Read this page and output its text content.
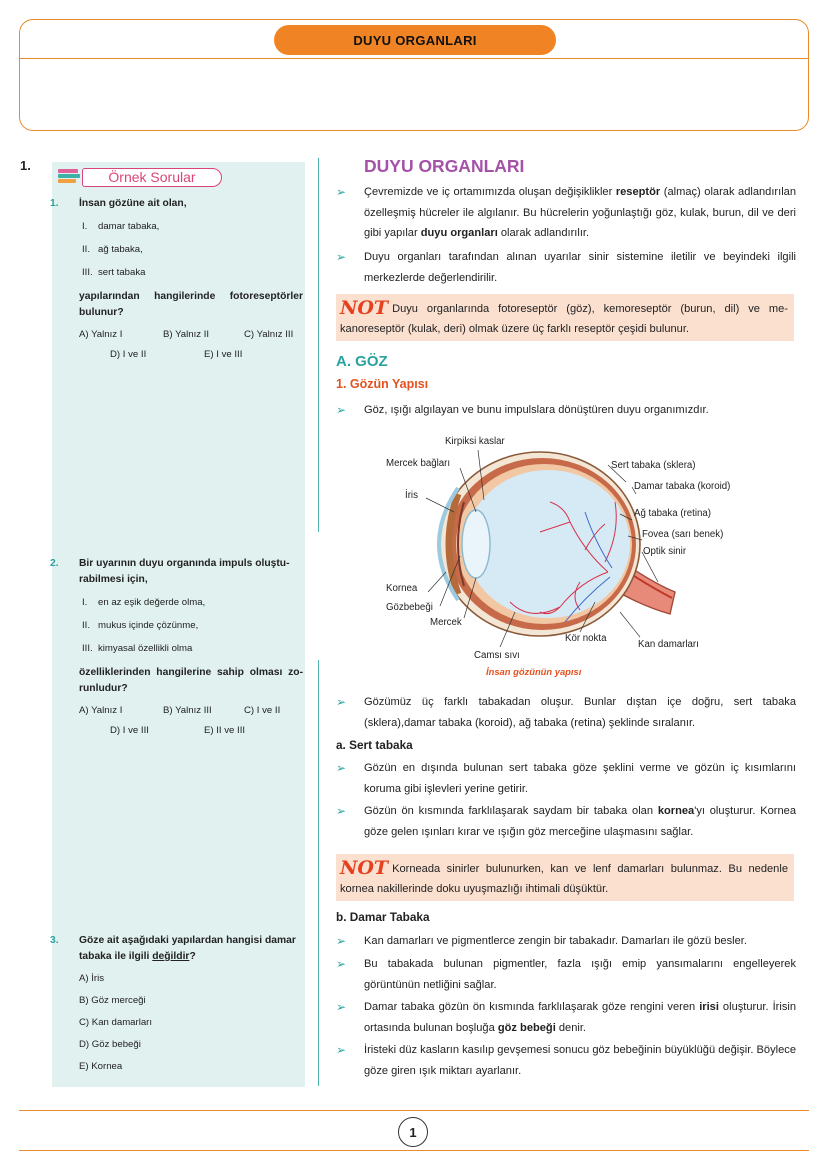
DUYU ORGANLARI
1.
Örnek Sorular
1. İnsan gözüne ait olan,
I. damar tabaka,
II. ağ tabaka,
III. sert tabaka
yapılarından hangilerinde fotoreseptörler bulunur?
A) Yalnız I	B) Yalnız II	C) Yalnız III
D) I ve II	E) I ve III
2. Bir uyarının duyu organında impuls oluşturabilmesi için,
I. en az eşik değerde olma,
II. mukus içinde çözünme,
III. kimyasal özellikli olma
özelliklerinden hangilerine sahip olması zorunludur?
A) Yalnız I	B) Yalnız III	C) I ve II
D) I ve III	E) II ve III
3. Göze ait aşağıdaki yapılardan hangisi damar tabaka ile ilgili değildir?
A) İris
B) Göz merceği
C) Kan damarları
D) Göz bebeği
E) Kornea
DUYU ORGANLARI
➢ Çevremizde ve iç ortamımızda oluşan değişiklikler reseptör (almaç) olarak adlandırılan özelleşmiş hücreler ile algılanır. Bu hücrelerin yoğunlaştığı göz, kulak, burun, dil ve deri gibi yapılar duyu organları olarak adlandırılır.
➢ Duyu organları tarafından alınan uyarılar sinir sistemine iletilir ve beyindeki ilgili merkezlerde değerlendirilir.
NOT Duyu organlarında fotoreseptör (göz), kemoreseptör (burun, dil) ve mekanoreseptör (kulak, deri) olmak üzere üç farklı reseptör çeşidi bulunur.
A. GÖZ
1. Gözün Yapısı
➢ Göz, ışığı algılayan ve bunu impulslara dönüştüren duyu organımızdır.
Kirpiksi kaslar
Mercek bağları
İris
Sert tabaka (sklera)
Damar tabaka (koroid)
Ağ tabaka (retina)
Fovea (sarı benek)
Optik sinir
Kornea
Gözbebeği
Mercek
Kör nokta
Kan damarları
Camsı sıvı
İnsan gözünün yapısı
➢ Gözümüz üç farklı tabakadan oluşur. Bunlar dıştan içe doğru, sert tabaka (sklera),damar tabaka (koroid), ağ tabaka (retina) şeklinde sıralanır.
a. Sert tabaka
➢ Gözün en dışında bulunan sert tabaka göze şeklini verme ve gözün iç kısımlarını koruma gibi işlevleri yerine getirir.
➢ Gözün ön kısmında farklılaşarak saydam bir tabaka olan kornea'yı oluşturur. Kornea göze gelen ışınları kırar ve ışığın göz merceğine ulaşmasını sağlar.
NOT Korneada sinirler bulunurken, kan ve lenf damarları bulunmaz. Bu nedenle kornea nakillerinde doku uyuşmazlığı ihtimali düşüktür.
b. Damar Tabaka
➢ Kan damarları ve pigmentlerce zengin bir tabakadır. Damarları ile gözü besler.
➢ Bu tabakada bulunan pigmentler, fazla ışığı emip yansımalarını engelleyerek görüntünün netliğini sağlar.
➢ Damar tabaka gözün ön kısmında farklılaşarak göze rengini veren irisi oluşturur. İrisin ortasında bulunan boşluğa göz bebeği denir.
➢ İristeki düz kasların kasılıp gevşemesi sonucu göz bebeğinin büyüklüğü değişir. Böylece göze giren ışık miktarı ayarlanır.
1
